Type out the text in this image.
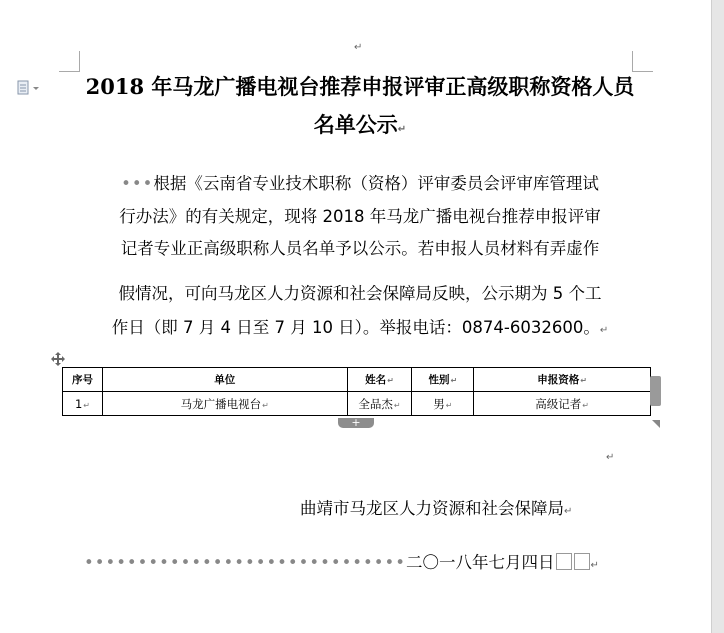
↵
2018 年马龙广播电视台推荐申报评审正高级职称资格人员
名单公示↵
•••根据《云南省专业技术职称（资格）评审委员会评审库管理试
行办法》的有关规定，现将 2018 年马龙广播电视台推荐申报评审
记者专业正高级职称人员名单予以公示。若申报人员材料有弄虚作
假情况，可向马龙区人力资源和社会保障局反映，公示期为 5 个工
作日（即 7 月 4 日至 7 月 10 日）。举报电话：0874-6032600。↵
序号	单位	姓名↵	性别↵	申报资格↵
1↵	马龙广播电视台↵	全品杰↵	男↵	高级记者↵
+
↵
曲靖市马龙区人力资源和社会保障局↵
••••••••••••••••••••••••••••••二〇一八年七月四日	↵
